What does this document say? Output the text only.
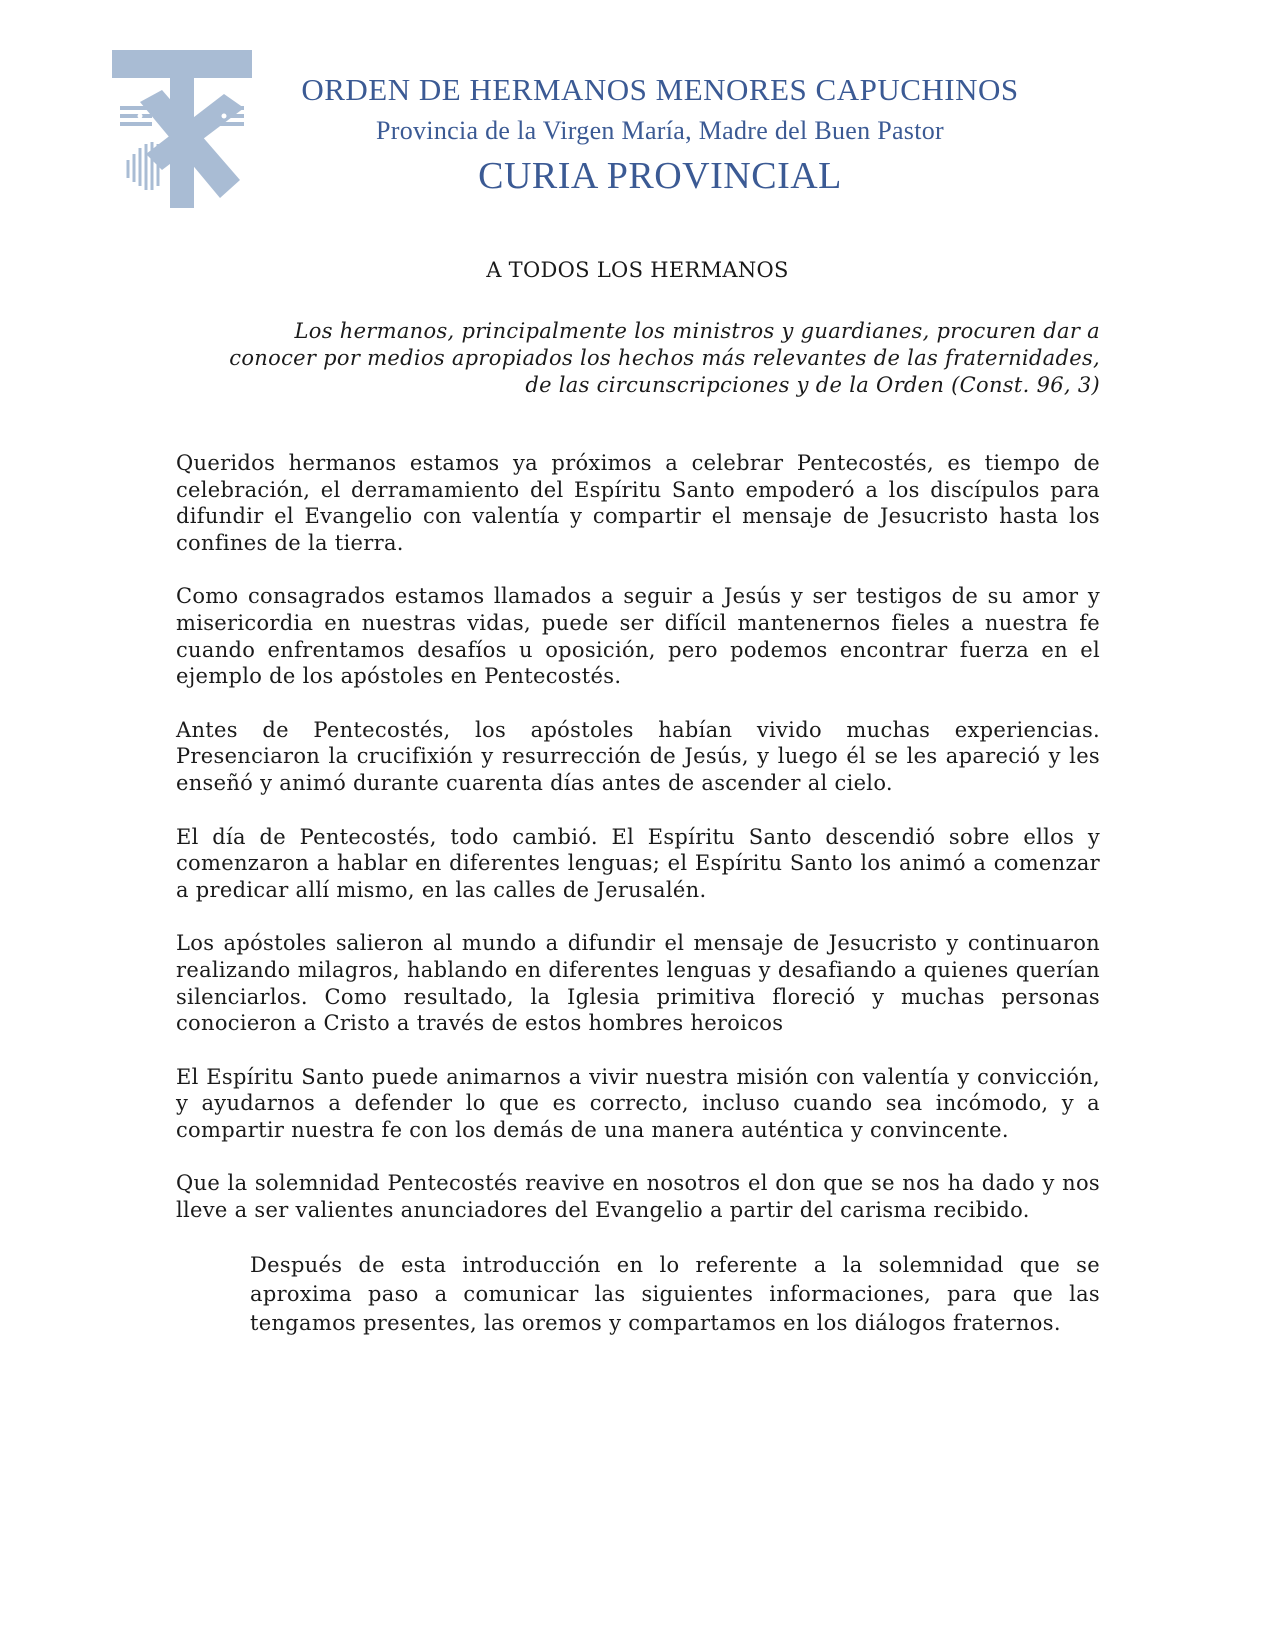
ORDEN DE HERMANOS MENORES CAPUCHINOS
Provincia de la Virgen María, Madre del Buen Pastor
CURIA PROVINCIAL
A TODOS LOS HERMANOS
Los hermanos, principalmente los ministros y guardianes, procuren dar a
conocer por medios apropiados los hechos más relevantes de las fraternidades,
de las circunscripciones y de la Orden (Const. 96, 3)

Queridos hermanos estamos ya próximos a celebrar Pentecostés, es tiempo de celebración, el derramamiento del Espíritu Santo empoderó a los discípulos para difundir el Evangelio con valentía y compartir el mensaje de Jesucristo hasta los confines de la tierra.

Como consagrados estamos llamados a seguir a Jesús y ser testigos de su amor y misericordia en nuestras vidas, puede ser difícil mantenernos fieles a nuestra fe cuando enfrentamos desafíos u oposición, pero podemos encontrar fuerza en el ejemplo de los apóstoles en Pentecostés.

Antes de Pentecostés, los apóstoles habían vivido muchas experiencias. Presenciaron la crucifixión y resurrección de Jesús, y luego él se les apareció y les enseñó y animó durante cuarenta días antes de ascender al cielo.

El día de Pentecostés, todo cambió. El Espíritu Santo descendió sobre ellos y comenzaron a hablar en diferentes lenguas; el Espíritu Santo los animó a comenzar a predicar allí mismo, en las calles de Jerusalén.

Los apóstoles salieron al mundo a difundir el mensaje de Jesucristo y continuaron realizando milagros, hablando en diferentes lenguas y desafiando a quienes querían silenciarlos. Como resultado, la Iglesia primitiva floreció y muchas personas conocieron a Cristo a través de estos hombres heroicos

El Espíritu Santo puede animarnos a vivir nuestra misión con valentía y convicción, y ayudarnos a defender lo que es correcto, incluso cuando sea incómodo, y a compartir nuestra fe con los demás de una manera auténtica y convincente.

Que la solemnidad Pentecostés reavive en nosotros el don que se nos ha dado y nos lleve a ser valientes anunciadores del Evangelio a partir del carisma recibido.

Después de esta introducción en lo referente a la solemnidad que se aproxima paso a comunicar las siguientes informaciones, para que las tengamos presentes, las oremos y compartamos en los diálogos fraternos.
